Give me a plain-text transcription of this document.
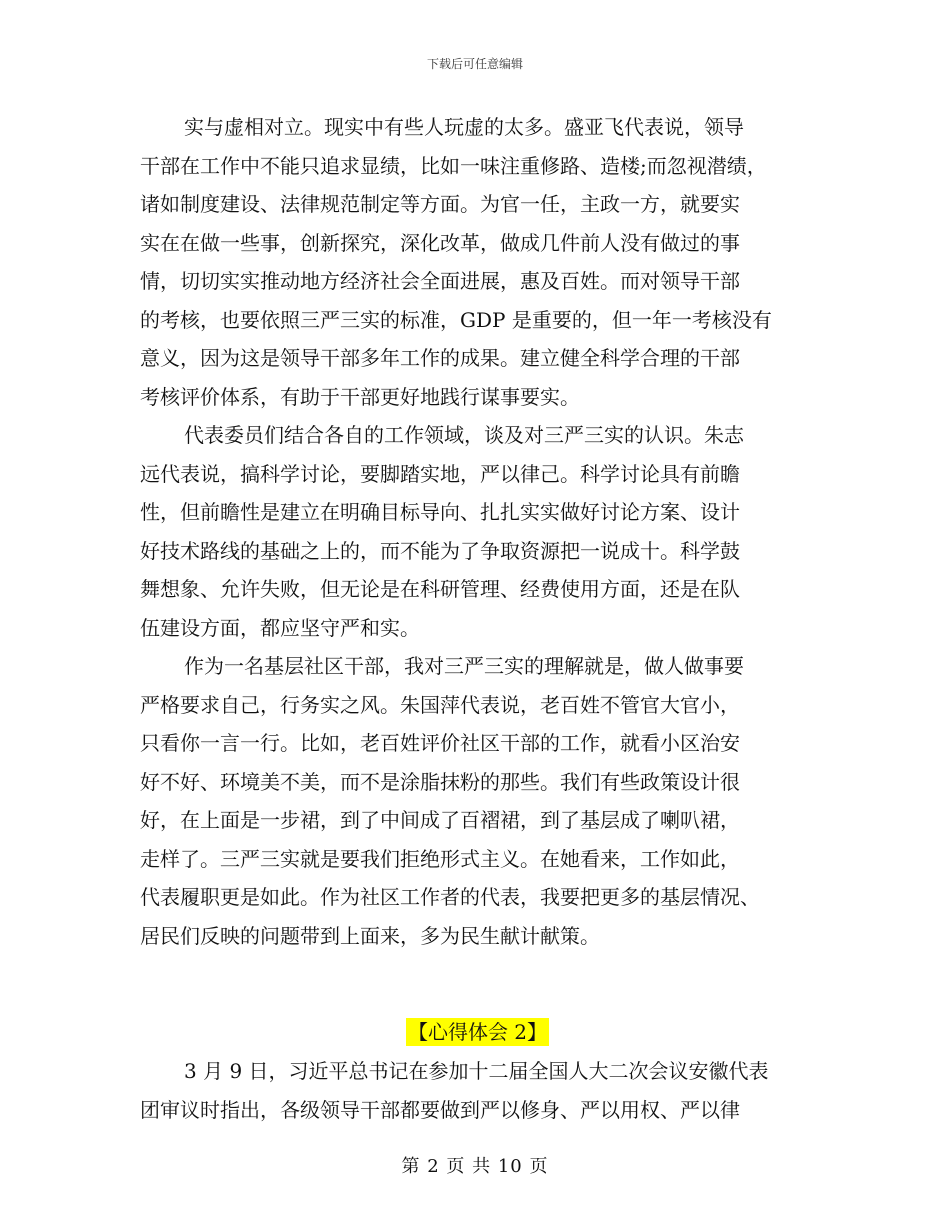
下载后可任意编辑
实与虚相对立。现实中有些人玩虚的太多。盛亚飞代表说，领导
干部在工作中不能只追求显绩，比如一味注重修路、造楼;而忽视潜绩，
诸如制度建设、法律规范制定等方面。为官一任，主政一方，就要实
实在在做一些事，创新探究，深化改革，做成几件前人没有做过的事
情，切切实实推动地方经济社会全面进展，惠及百姓。而对领导干部
的考核，也要依照三严三实的标准，GDP 是重要的，但一年一考核没有
意义，因为这是领导干部多年工作的成果。建立健全科学合理的干部
考核评价体系，有助于干部更好地践行谋事要实。
代表委员们结合各自的工作领域，谈及对三严三实的认识。朱志
远代表说，搞科学讨论，要脚踏实地，严以律己。科学讨论具有前瞻
性，但前瞻性是建立在明确目标导向、扎扎实实做好讨论方案、设计
好技术路线的基础之上的，而不能为了争取资源把一说成十。科学鼓
舞想象、允许失败，但无论是在科研管理、经费使用方面，还是在队
伍建设方面，都应坚守严和实。
作为一名基层社区干部，我对三严三实的理解就是，做人做事要
严格要求自己，行务实之风。朱国萍代表说，老百姓不管官大官小，
只看你一言一行。比如，老百姓评价社区干部的工作，就看小区治安
好不好、环境美不美，而不是涂脂抹粉的那些。我们有些政策设计很
好，在上面是一步裙，到了中间成了百褶裙，到了基层成了喇叭裙，
走样了。三严三实就是要我们拒绝形式主义。在她看来，工作如此，
代表履职更是如此。作为社区工作者的代表，我要把更多的基层情况、
居民们反映的问题带到上面来，多为民生献计献策。
【心得体会 2】
3 月 9 日，习近平总书记在参加十二届全国人大二次会议安徽代表
团审议时指出，各级领导干部都要做到严以修身、严以用权、严以律
第 2 页 共 10 页
